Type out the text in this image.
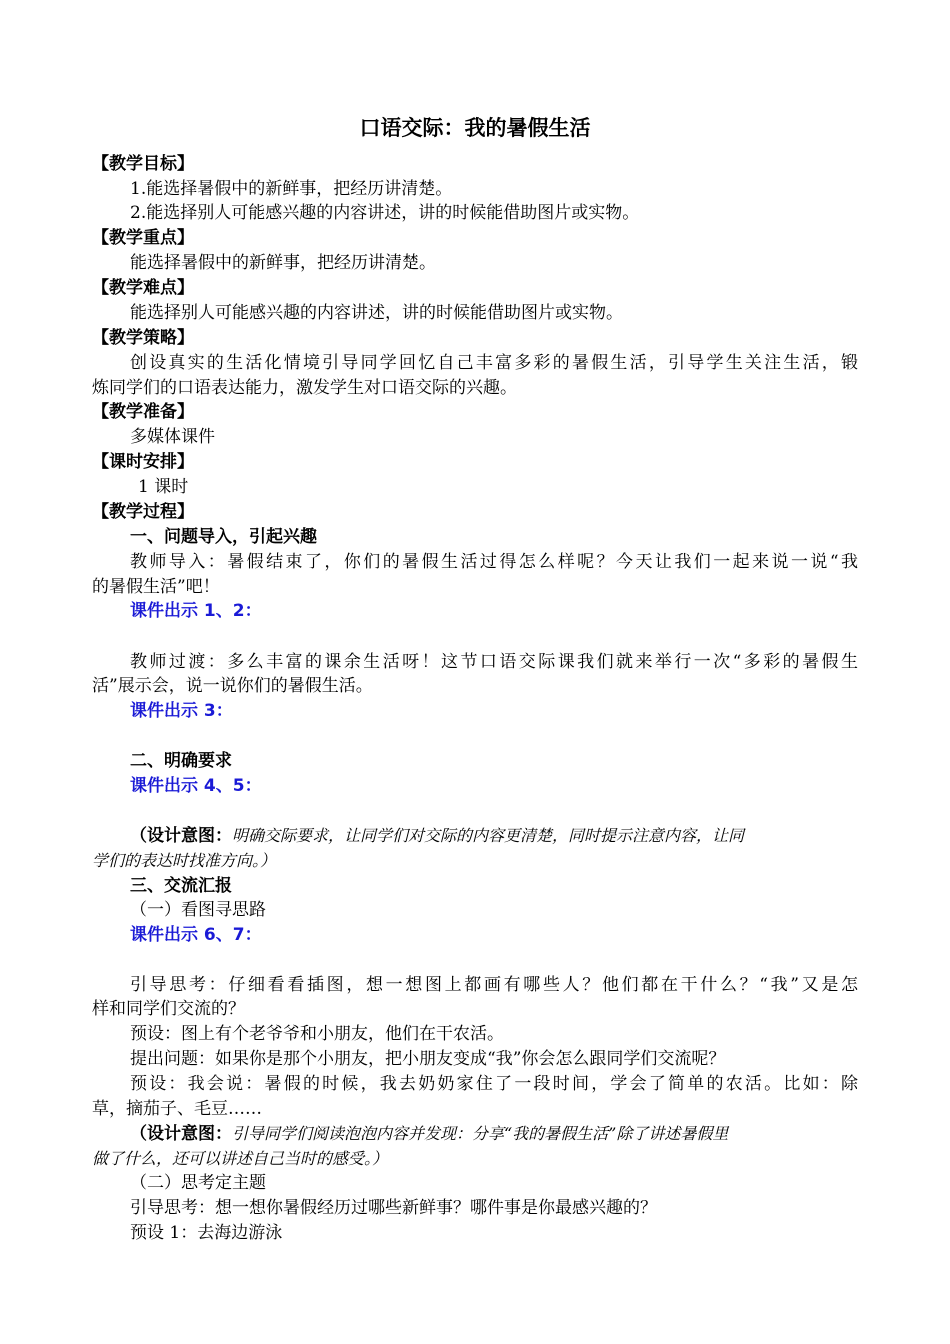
口语交际：我的暑假生活
【教学目标】
1.能选择暑假中的新鲜事，把经历讲清楚。
2.能选择别人可能感兴趣的内容讲述，讲的时候能借助图片或实物。
【教学重点】
能选择暑假中的新鲜事，把经历讲清楚。
【教学难点】
能选择别人可能感兴趣的内容讲述，讲的时候能借助图片或实物。
【教学策略】
创设真实的生活化情境引导同学回忆自己丰富多彩的暑假生活，引导学生关注生活，锻
炼同学们的口语表达能力，激发学生对口语交际的兴趣。
【教学准备】
多媒体课件
【课时安排】
1 课时
【教学过程】
一、问题导入，引起兴趣
教师导入：暑假结束了，你们的暑假生活过得怎么样呢？今天让我们一起来说一说“我
的暑假生活”吧！
课件出示 1、2：
教师过渡：多么丰富的课余生活呀！这节口语交际课我们就来举行一次“多彩的暑假生
活”展示会，说一说你们的暑假生活。
课件出示 3：
二、明确要求
课件出示 4、5：
（设计意图：明确交际要求，让同学们对交际的内容更清楚，同时提示注意内容，让同
学们的表达时找准方向。）
三、交流汇报
（一）看图寻思路
课件出示 6、7：
引导思考：仔细看看插图，想一想图上都画有哪些人？他们都在干什么？“我”又是怎
样和同学们交流的？
预设：图上有个老爷爷和小朋友，他们在干农活。
提出问题：如果你是那个小朋友，把小朋友变成“我”你会怎么跟同学们交流呢？
预设：我会说：暑假的时候，我去奶奶家住了一段时间，学会了简单的农活。比如：除
草，摘茄子、毛豆……
（设计意图：引导同学们阅读泡泡内容并发现：分享“我的暑假生活”除了讲述暑假里
做了什么，还可以讲述自己当时的感受。）
（二）思考定主题
引导思考：想一想你暑假经历过哪些新鲜事？哪件事是你最感兴趣的？
预设 1：去海边游泳
